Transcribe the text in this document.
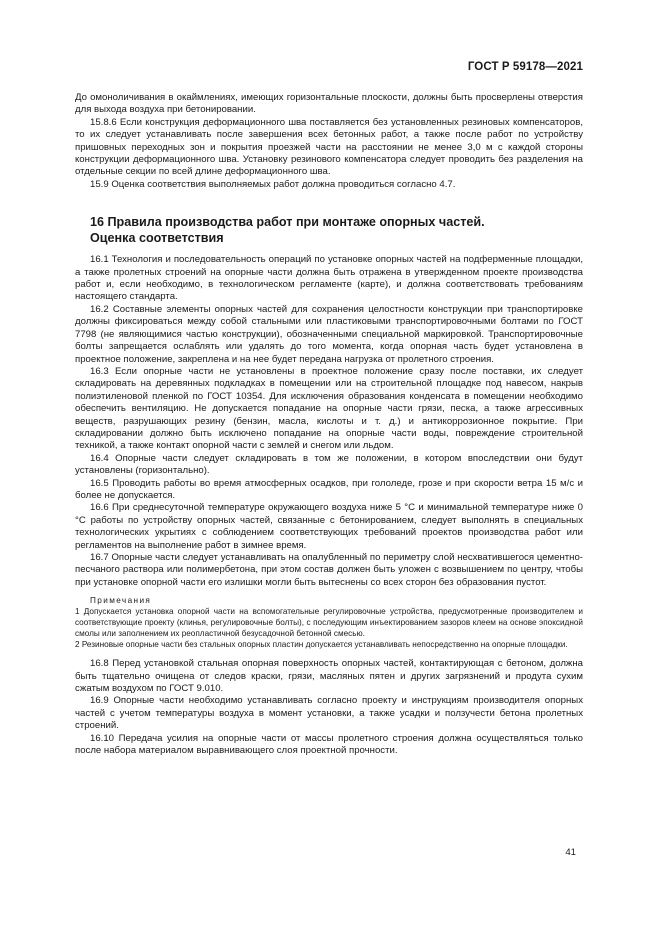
ГОСТ Р 59178—2021

До омоноличивания в окаймлениях, имеющих горизонтальные плоскости, должны быть просверлены отверстия для выхода воздуха при бетонировании.

15.8.6 Если конструкция деформационного шва поставляется без установленных резиновых компенсаторов, то их следует устанавливать после завершения всех бетонных работ, а также после работ по устройству пришовных переходных зон и покрытия проезжей части на расстоянии не менее 3,0 м с каждой стороны конструкции деформационного шва. Установку резинового компенсатора следует проводить без разделения на отдельные секции по всей длине деформационного шва.

15.9 Оценка соответствия выполняемых работ должна проводиться согласно 4.7.

16 Правила производства работ при монтаже опорных частей.

Оценка соответствия

16.1 Технология и последовательность операций по установке опорных частей на подферменные площадки, а также пролетных строений на опорные части должна быть отражена в утвержденном проекте производства работ и, если необходимо, в технологическом регламенте (карте), и должна соответствовать требованиям настоящего стандарта.

16.2 Составные элементы опорных частей для сохранения целостности конструкции при транспортировке должны фиксироваться между собой стальными или пластиковыми транспортировочными болтами по ГОСТ 7798 (не являющимися частью конструкции), обозначенными специальной маркировкой. Транспортировочные болты запрещается ослаблять или удалять до того момента, когда опорная часть будет установлена в проектное положение, закреплена и на нее будет передана нагрузка от пролетного строения.

16.3 Если опорные части не установлены в проектное положение сразу после поставки, их следует складировать на деревянных подкладках в помещении или на строительной площадке под навесом, накрыв полиэтиленовой пленкой по ГОСТ 10354. Для исключения образования конденсата в помещении необходимо обеспечить вентиляцию. Не допускается попадание на опорные части грязи, песка, а также агрессивных веществ, разрушающих резину (бензин, масла, кислоты и т. д.) и антикоррозионное покрытие. При складировании должно быть исключено попадание на опорные части воды, повреждение строительной техникой, а также контакт опорной части с землей и снегом или льдом.

16.4 Опорные части следует складировать в том же положении, в котором впоследствии они будут установлены (горизонтально).

16.5 Проводить работы во время атмосферных осадков, при гололеде, грозе и при скорости ветра 15 м/с и более не допускается.

16.6 При среднесуточной температуре окружающего воздуха ниже 5 °С и минимальной температуре ниже 0 °С работы по устройству опорных частей, связанные с бетонированием, следует выполнять в специальных технологических укрытиях с соблюдением соответствующих требований проектов производства работ или регламентов на выполнение работ в зимнее время.

16.7 Опорные части следует устанавливать на опалубленный по периметру слой несхватившегося цементно-песчаного раствора или полимербетона, при этом состав должен быть уложен с возвышением по центру, чтобы при установке опорной части его излишки могли быть вытеснены со всех сторон без образования пустот.

Примечания

1 Допускается установка опорной части на вспомогательные регулировочные устройства, предусмотренные производителем и соответствующие проекту (клинья, регулировочные болты), с последующим инъектированием зазоров клеем на основе эпоксидной смолы или заполнением их реопластичной безусадочной бетонной смесью.

2 Резиновые опорные части без стальных опорных пластин допускается устанавливать непосредственно на опорные площадки.

16.8 Перед установкой стальная опорная поверхность опорных частей, контактирующая с бетоном, должна быть тщательно очищена от следов краски, грязи, масляных пятен и других загрязнений и продута сухим сжатым воздухом по ГОСТ 9.010.

16.9 Опорные части необходимо устанавливать согласно проекту и инструкциям производителя опорных частей с учетом температуры воздуха в момент установки, а также усадки и ползучести бетона пролетных строений.

16.10 Передача усилия на опорные части от массы пролетного строения должна осуществляться только после набора материалом выравнивающего слоя проектной прочности.

41
